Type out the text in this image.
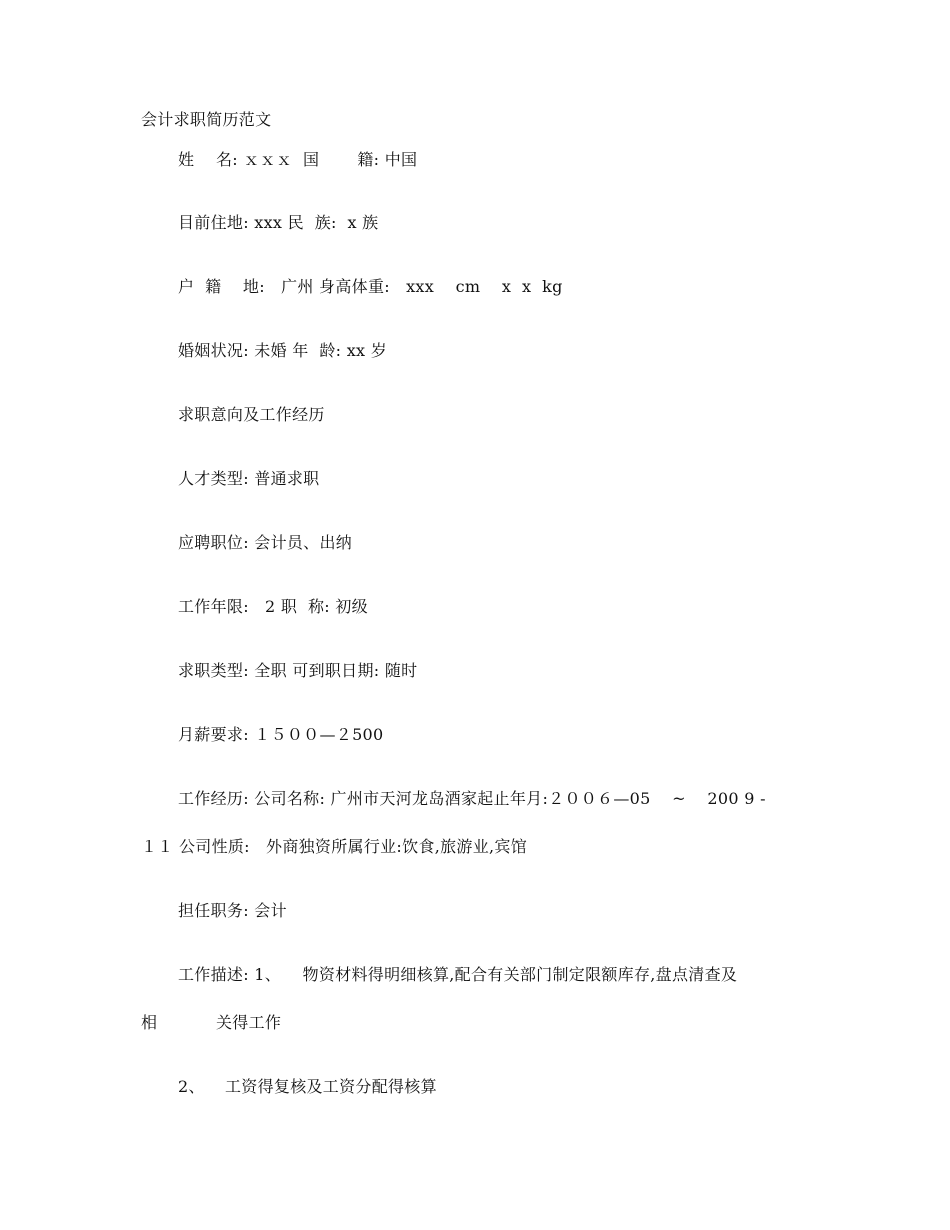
会计求职简历范文
姓　 名: ｘｘｘ  国　 　籍: 中国
目前住地: xxx 民  族:  x 族
户  籍    地:   广州 身高体重:   xxx    cm    x  x  kg
婚姻状况: 未婚 年  龄: xx 岁
求职意向及工作经历
人才类型: 普通求职
应聘职位: 会计员、出纳
工作年限:   2 职  称: 初级
求职类型: 全职 可到职日期: 随时
月薪要求: １５００—２500
工作经历: 公司名称: 广州市天河龙岛酒家起止年月:２００６—05    ~    200 9 -
１１ 公司性质:   外商独资所属行业:饮食,旅游业,宾馆
担任职务: 会计
工作描述: 1、    物资材料得明细核算,配合有关部门制定限额库存,盘点清查及
相	关得工作
2、 工资得复核及工资分配得核算
